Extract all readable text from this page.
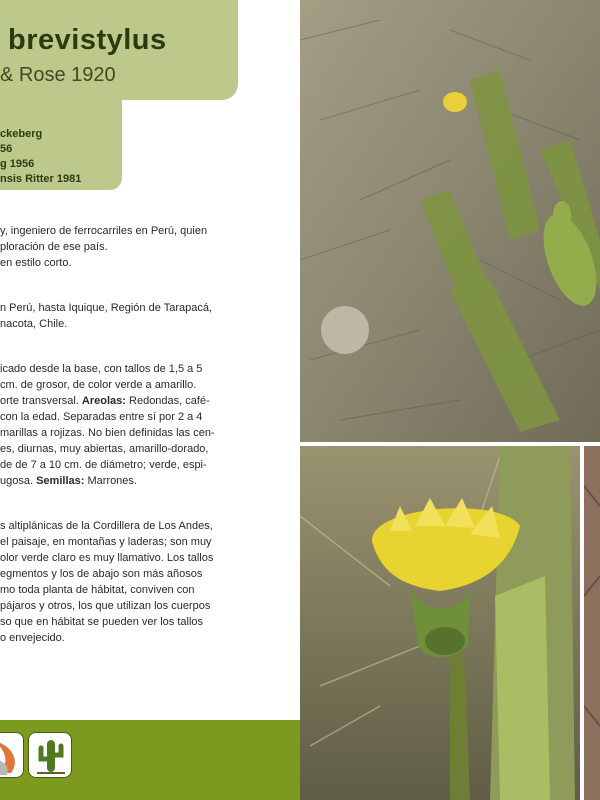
brevistylus
& Rose 1920
ckeberg
56
g 1956
nsis Ritter 1981

y, ingeniero de ferrocarriles en Perú, quien

ploración de ese país.

en estilo corto.

n Perú, hasta Iquique, Región de Tarapacá,

nacota, Chile.

icado desde la base, con tallos de 1,5 a 5

cm. de grosor, de color verde a amarillo.

orte transversal. Areolas: Redondas, café-

con la edad. Separadas entre sí por 2 a 4

marillas a rojizas. No bien definidas las cen-

es, diurnas, muy abiertas, amarillo-dorado,

de de 7 a 10 cm. de diámetro; verde, espi-

ugosa. Semillas: Marrones.

s altiplánicas de la Cordillera de Los Andes,

el paisaje, en montañas y laderas; son muy

olor verde claro es muy llamativo. Los tallos

egmentos y los de abajo son más añosos

mo toda planta de hábitat, conviven con

pájaros y otros, los que utilizan los cuerpos

so que en hábitat se pueden ver los tallos

o envejecido.
